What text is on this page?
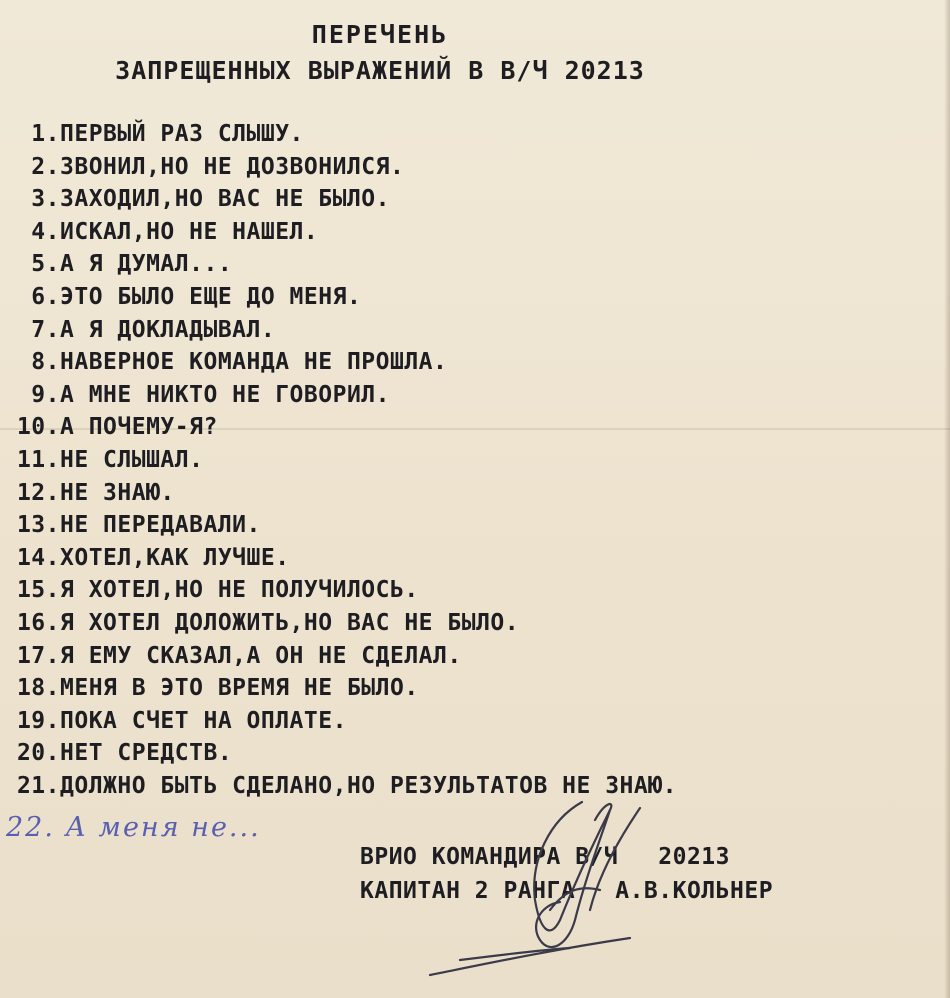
ПЕРЕЧЕНЬ
ЗАПРЕЩЕННЫХ ВЫРАЖЕНИЙ В В/Ч 20213
1.ПЕРВЫЙ РАЗ СЛЫШУ.
2.ЗВОНИЛ,НО НЕ ДОЗВОНИЛСЯ.
3.ЗАХОДИЛ,НО ВАС НЕ БЫЛО.
4.ИСКАЛ,НО НЕ НАШЕЛ.
5.А Я ДУМАЛ...
6.ЭТО БЫЛО ЕЩЕ ДО МЕНЯ.
7.А Я ДОКЛАДЫВАЛ.
8.НАВЕРНОЕ КОМАНДА НЕ ПРОШЛА.
9.А МНЕ НИКТО НЕ ГОВОРИЛ.
10.А ПОЧЕМУ-Я?
11.НЕ СЛЫШАЛ.
12.НЕ ЗНАЮ.
13.НЕ ПЕРЕДАВАЛИ.
14.ХОТЕЛ,КАК ЛУЧШЕ.
15.Я ХОТЕЛ,НО НЕ ПОЛУЧИЛОСЬ.
16.Я ХОТЕЛ ДОЛОЖИТЬ,НО ВАС НЕ БЫЛО.
17.Я ЕМУ СКАЗАЛ,А ОН НЕ СДЕЛАЛ.
18.МЕНЯ В ЭТО ВРЕМЯ НЕ БЫЛО.
19.ПОКА СЧЕТ НА ОПЛАТЕ.
20.НЕТ СРЕДСТВ.
21.ДОЛЖНО БЫТЬ СДЕЛАНО,НО РЕЗУЛЬТАТОВ НЕ ЗНАЮ.
22. А меня не...
ВРИО КОМАНДИРА В/Ч 20213
КАПИТАН 2 РАНГА А.В.КОЛЬНЕР
